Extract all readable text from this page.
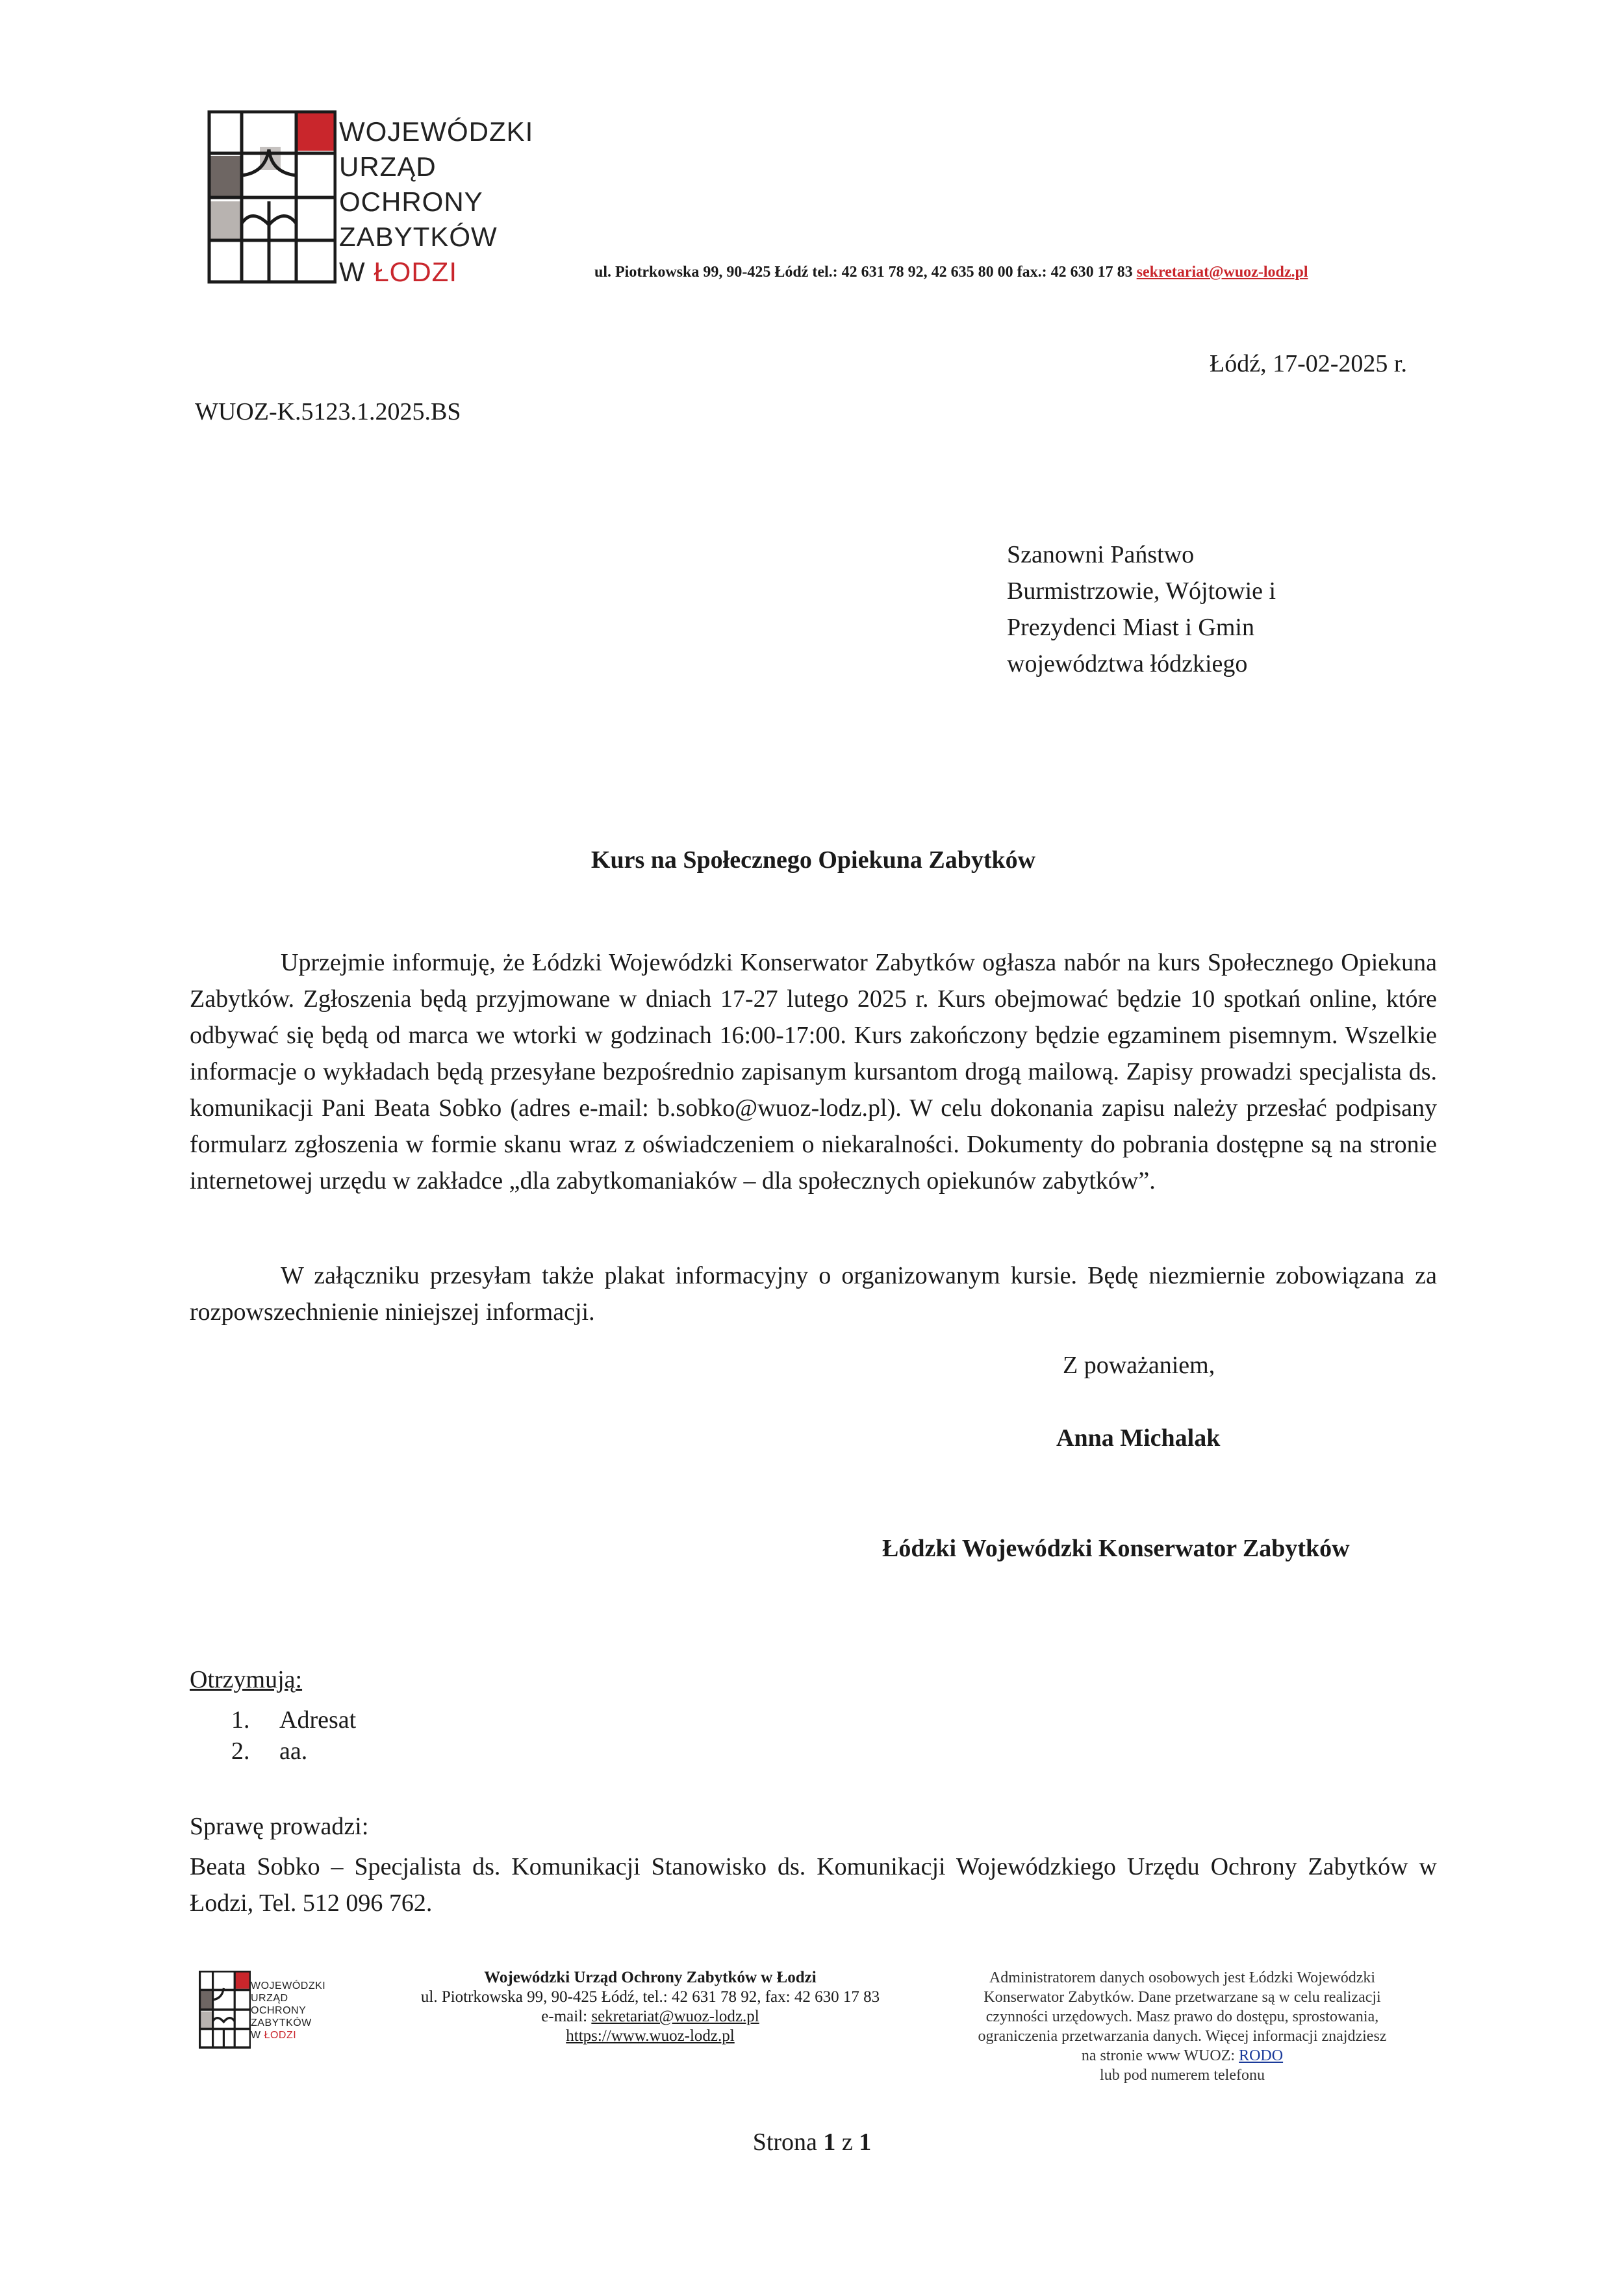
WOJEWÓDZKI
URZĄD
OCHRONY
ZABYTKÓW
W ŁODZI	ul. Piotrkowska 99, 90-425 Łódź tel.: 42 631 78 92, 42 635 80 00 fax.: 42 630 17 83 sekretariat@wuoz-lodz.pl
Łódź, 17-02-2025 r.
WUOZ-K.5123.1.2025.BS
Szanowni Państwo
Burmistrzowie, Wójtowie i
Prezydenci Miast i Gmin
województwa łódzkiego
Kurs na Społecznego Opiekuna Zabytków
Uprzejmie informuję, że Łódzki Wojewódzki Konserwator Zabytków ogłasza nabór na kurs Społecznego Opiekuna Zabytków. Zgłoszenia będą przyjmowane w dniach 17-27 lutego 2025 r. Kurs obejmować będzie 10 spotkań online, które odbywać się będą od marca we wtorki w godzinach 16:00-17:00. Kurs zakończony będzie egzaminem pisemnym. Wszelkie informacje o wykładach będą przesyłane bezpośrednio zapisanym kursantom drogą mailową. Zapisy prowadzi specjalista ds. komunikacji Pani Beata Sobko (adres e-mail: b.sobko@wuoz-lodz.pl). W celu dokonania zapisu należy przesłać podpisany formularz zgłoszenia w formie skanu wraz z oświadczeniem o niekaralności. Dokumenty do pobrania dostępne są na stronie internetowej urzędu w zakładce „dla zabytkomaniaków – dla społecznych opiekunów zabytków”.
W załączniku przesyłam także plakat informacyjny o organizowanym kursie. Będę niezmiernie zobowiązana za rozpowszechnienie niniejszej informacji.
Z poważaniem,
Anna Michalak
Łódzki Wojewódzki Konserwator Zabytków
Otrzymują:
1. Adresat
2. aa.
Sprawę prowadzi:
Beata Sobko – Specjalista ds. Komunikacji Stanowisko ds. Komunikacji Wojewódzkiego Urzędu Ochrony Zabytków w Łodzi, Tel. 512 096 762.
WOJEWÓDZKI
URZĄD
OCHRONY
ZABYTKÓW
W ŁODZI
Wojewódzki Urząd Ochrony Zabytków w Łodzi
ul. Piotrkowska 99, 90-425 Łódź, tel.: 42 631 78 92, fax: 42 630 17 83
e-mail: sekretariat@wuoz-lodz.pl
https://www.wuoz-lodz.pl
Administratorem danych osobowych jest Łódzki Wojewódzki
Konserwator Zabytków. Dane przetwarzane są w celu realizacji
czynności urzędowych. Masz prawo do dostępu, sprostowania,
ograniczenia przetwarzania danych. Więcej informacji znajdziesz
na stronie www WUOZ: RODO
lub pod numerem telefonu
Strona 1 z 1
